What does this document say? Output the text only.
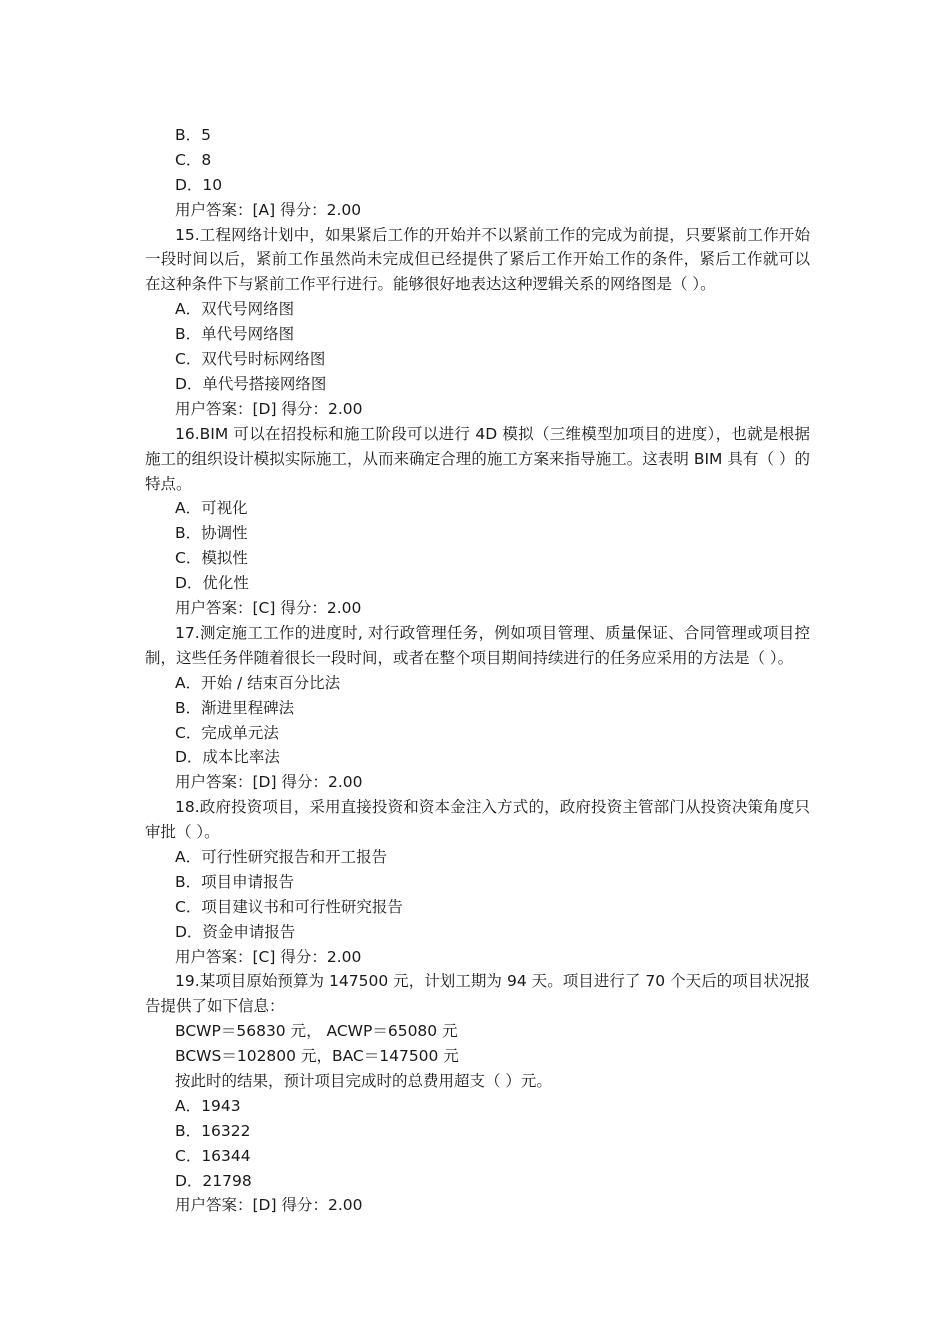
B．5
C．8
D．10
用户答案：[A] 得分：2.00
15.工程网络计划中，如果紧后工作的开始并不以紧前工作的完成为前提，只要紧前工作开始一段时间以后，紧前工作虽然尚未完成但已经提供了紧后工作开始工作的条件，紧后工作就可以在这种条件下与紧前工作平行进行。能够很好地表达这种逻辑关系的网络图是（ ）。
A．双代号网络图
B．单代号网络图
C．双代号时标网络图
D．单代号搭接网络图
用户答案：[D] 得分：2.00
16.BIM 可以在招投标和施工阶段可以进行 4D 模拟（三维模型加项目的进度），也就是根据施工的组织设计模拟实际施工，从而来确定合理的施工方案来指导施工。这表明 BIM 具有（ ）的特点。
A．可视化
B．协调性
C．模拟性
D．优化性
用户答案：[C] 得分：2.00
17.测定施工工作的进度时, 对行政管理任务，例如项目管理、质量保证、合同管理或项目控制，这些任务伴随着很长一段时间，或者在整个项目期间持续进行的任务应采用的方法是（ ）。
A．开始 / 结束百分比法
B．渐进里程碑法
C．完成单元法
D．成本比率法
用户答案：[D] 得分：2.00
18.政府投资项目，采用直接投资和资本金注入方式的，政府投资主管部门从投资决策角度只审批（ ）。
A．可行性研究报告和开工报告
B．项目申请报告
C．项目建议书和可行性研究报告
D．资金申请报告
用户答案：[C] 得分：2.00
19.某项目原始预算为 147500 元，计划工期为 94 天。项目进行了 70 个天后的项目状况报告提供了如下信息：
BCWP＝56830 元， ACWP＝65080 元
BCWS＝102800 元，BAC＝147500 元
按此时的结果，预计项目完成时的总费用超支（ ）元。
A．1943
B．16322
C．16344
D．21798
用户答案：[D] 得分：2.00
